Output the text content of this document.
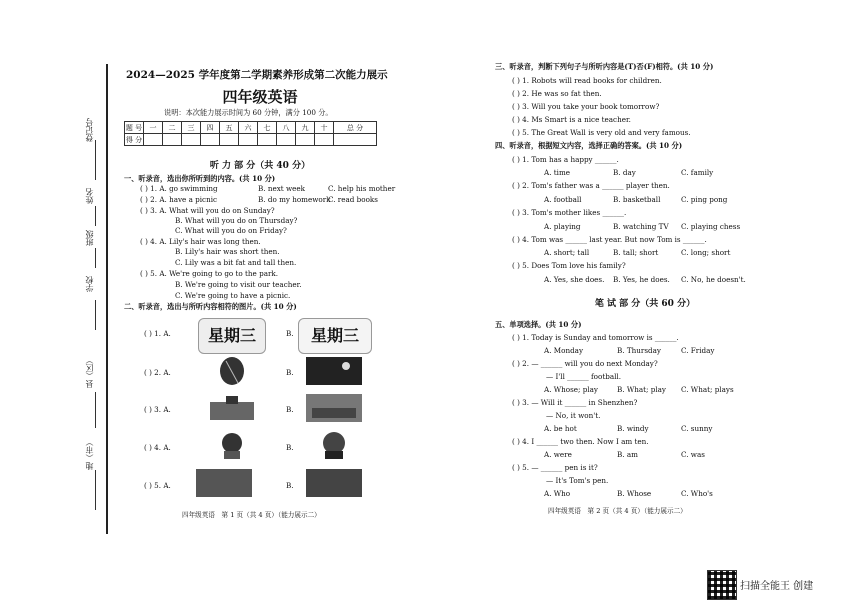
登记号
姓名
班级
学校
县（区）
地（市）
2024—2025 学年度第二学期素养形成第二次能力展示
四年级英语
说明：本次能力展示时间为 60 分钟，满分 100 分。
题 号	一	二	三	四	五	六	七	八	九	十	总 分
得 分											
听 力 部 分（共 40 分）
一、听录音，选出你所听到的内容。(共 10 分)
( ) 1. A. go swimming	B. next week	C. help his mother
( ) 2. A. have a picnic	B. do my homework
C. read books
( ) 3. A. What will you do on Sunday?
B. What will you do on Thursday?
C. What will you do on Friday?
( ) 4. A. Lily's hair was long then.
B. Lily's hair was short then.
C. Lily was a bit fat and tall then.
( ) 5. A. We're going to go to the park.
B. We're going to visit our teacher.
C. We're going to have a picnic.
二、听录音，选出与所听内容相符的图片。(共 10 分)
( ) 1. A.	星期三	B.	星期三
( ) 2. A.	B.
( ) 3. A.	B.
( ) 4. A.	B.
( ) 5. A.	B.
四年级英语　第 1 页（共 4 页）（能力展示二）
三、听录音，判断下列句子与所听内容是(T)否(F)相符。(共 10 分)
( ) 1. Robots will read books for children.
( ) 2. He was so fat then.
( ) 3. Will you take your book tomorrow?
( ) 4. Ms Smart is a nice teacher.
( ) 5. The Great Wall is very old and very famous.
四、听录音，根据短文内容，选择正确的答案。(共 10 分)
( ) 1. Tom has a happy ______.
A. time	B. day	C. family
( ) 2. Tom's father was a ______ player then.
A. football	B. basketball	C. ping pong
( ) 3. Tom's mother likes ______.
A. playing	B. watching TV C. playing chess
( ) 4. Tom was ______ last year. But now Tom is ______.
A. short; tall	B. tall; short	C. long; short
( ) 5. Does Tom love his family?
A. Yes, she does. B. Yes, he does. C. No, he doesn't.
笔 试 部 分（共 60 分）
五、单项选择。(共 10 分)
( ) 1. Today is Sunday and tomorrow is ______.
A. Monday	B. Thursday	C. Friday
( ) 2. — ______ will you do next Monday?
— I'll ______ football.
A. Whose; play	B. What; play C. What; plays
( ) 3. — Will it ______ in Shenzhen?
— No, it won't.
A. be hot	B. windy	C. sunny
( ) 4. I ______ two then. Now I am ten.
A. were	B. am	C. was
( ) 5. — ______ pen is it?
— It's Tom's pen.
A. Who	B. Whose	C. Who's
四年级英语　第 2 页（共 4 页）（能力展示二）
扫描全能王 创建
